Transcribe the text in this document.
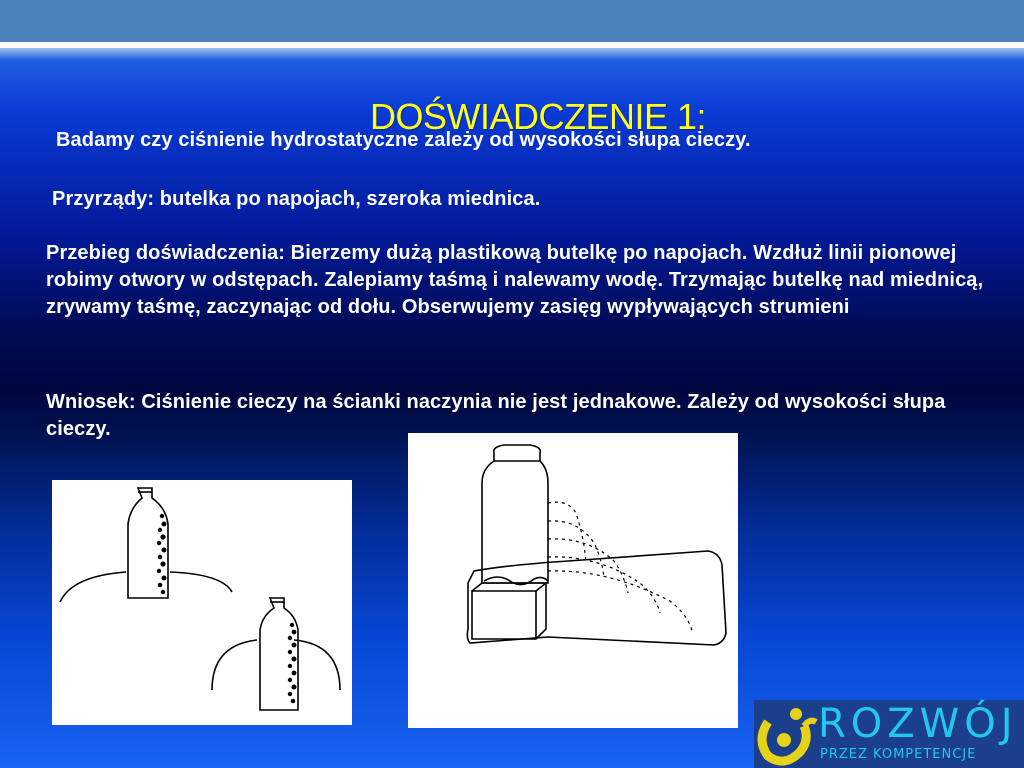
DOŚWIADCZENIE 1:
Badamy czy ciśnienie hydrostatyczne zależy od wysokości słupa cieczy.
Przyrządy: butelka po napojach, szeroka miednica.
Przebieg doświadczenia: Bierzemy dużą plastikową butelkę po napojach. Wzdłuż linii pionowej robimy otwory w odstępach. Zalepiamy taśmą i nalewamy wodę. Trzymając butelkę nad miednicą, zrywamy taśmę, zaczynając od dołu. Obserwujemy zasięg wypływających strumieni
Wniosek: Ciśnienie cieczy na ścianki naczynia nie jest jednakowe. Zależy od wysokości słupa cieczy.
ROZWÓJ
PRZEZ KOMPETENCJE
